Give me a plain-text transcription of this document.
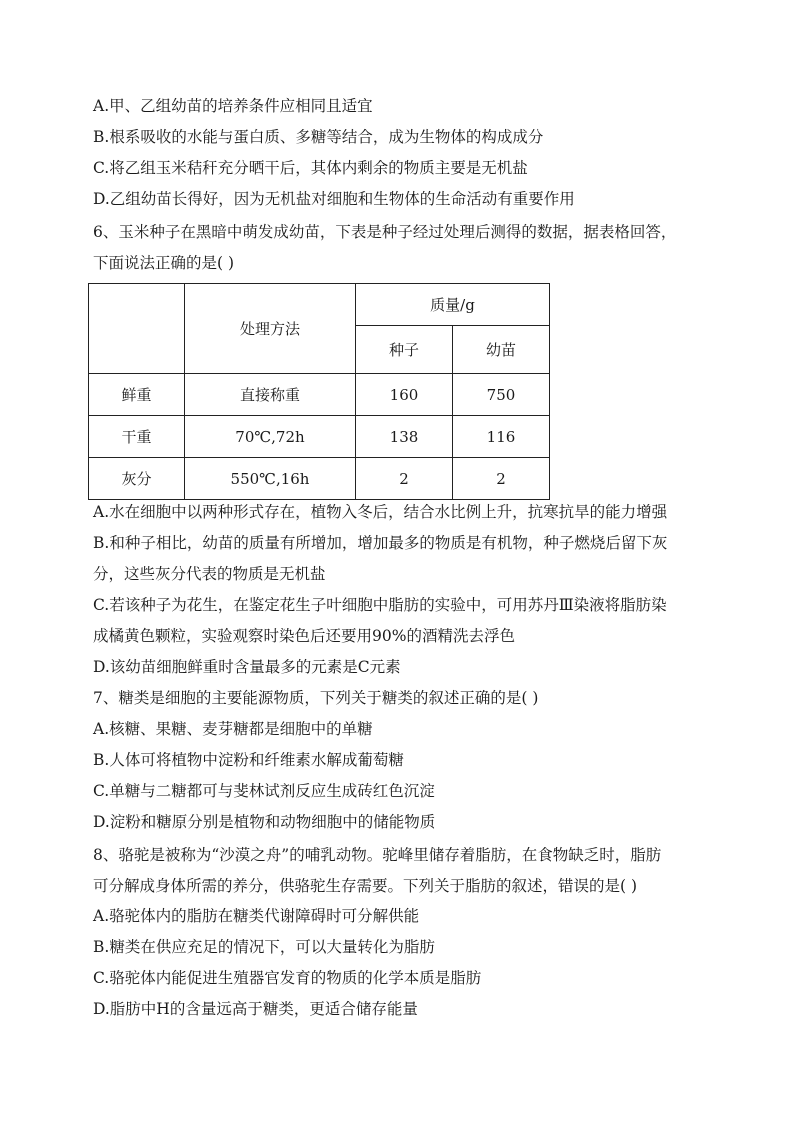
A.甲、乙组幼苗的培养条件应相同且适宜
B.根系吸收的水能与蛋白质、多糖等结合，成为生物体的构成成分
C.将乙组玉米秸秆充分晒干后，其体内剩余的物质主要是无机盐
D.乙组幼苗长得好，因为无机盐对细胞和生物体的生命活动有重要作用
6、玉米种子在黑暗中萌发成幼苗，下表是种子经过处理后测得的数据，据表格回答，
下面说法正确的是( )
	处理方法	质量/g	
		种子	幼苗
鲜重	直接称重	160	750
干重	70℃,72h	138	116
灰分	550℃,16h	2	2
A.水在细胞中以两种形式存在，植物入冬后，结合水比例上升，抗寒抗旱的能力增强
B.和种子相比，幼苗的质量有所增加，增加最多的物质是有机物，种子燃烧后留下灰
分，这些灰分代表的物质是无机盐
C.若该种子为花生，在鉴定花生子叶细胞中脂肪的实验中，可用苏丹Ⅲ染液将脂肪染
成橘黄色颗粒，实验观察时染色后还要用90%的酒精洗去浮色
D.该幼苗细胞鲜重时含量最多的元素是C元素
7、糖类是细胞的主要能源物质，下列关于糖类的叙述正确的是( )
A.核糖、果糖、麦芽糖都是细胞中的单糖
B.人体可将植物中淀粉和纤维素水解成葡萄糖
C.单糖与二糖都可与斐林试剂反应生成砖红色沉淀
D.淀粉和糖原分别是植物和动物细胞中的储能物质
8、骆驼是被称为“沙漠之舟”的哺乳动物。驼峰里储存着脂肪，在食物缺乏时，脂肪
可分解成身体所需的养分，供骆驼生存需要。下列关于脂肪的叙述，错误的是( )
A.骆驼体内的脂肪在糖类代谢障碍时可分解供能
B.糖类在供应充足的情况下，可以大量转化为脂肪
C.骆驼体内能促进生殖器官发育的物质的化学本质是脂肪
D.脂肪中H的含量远高于糖类，更适合储存能量
